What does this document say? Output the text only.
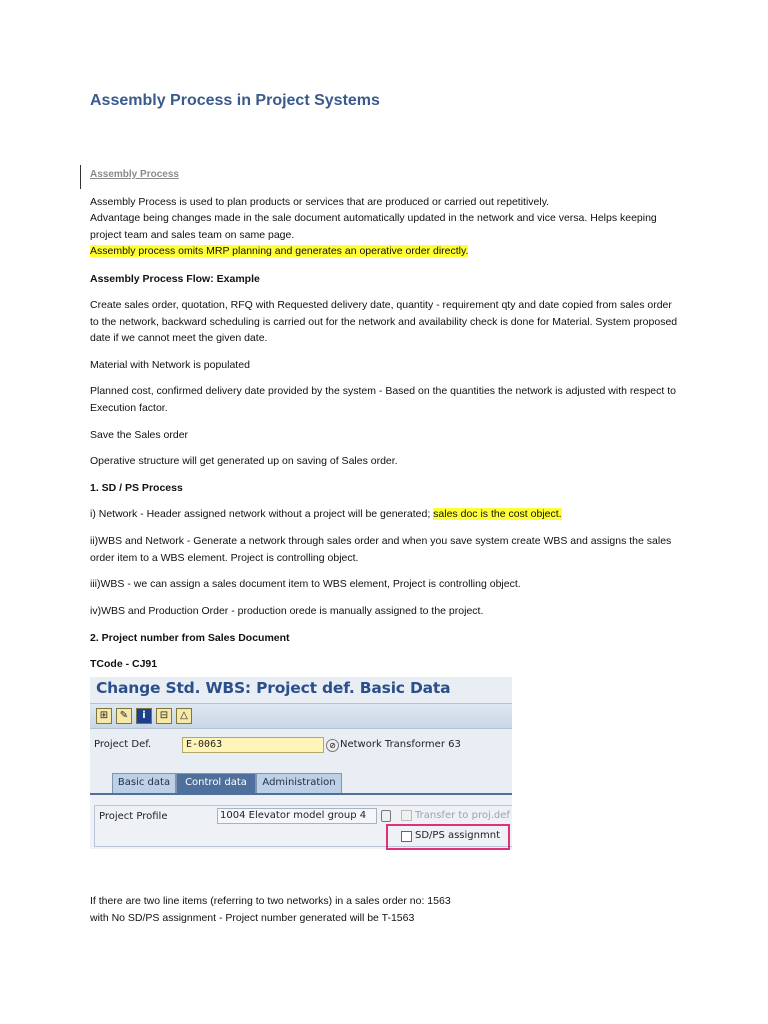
Assembly Process in Project Systems
Assembly Process
Assembly Process is used to plan products or services that are produced or carried out repetitively.
Advantage being changes made in the sale document automatically updated in the network and vice versa. Helps keeping project team and sales team on same page.
Assembly process omits MRP planning and generates an operative order directly.
Assembly Process Flow: Example
Create sales order, quotation, RFQ with Requested delivery date, quantity - requirement qty and date copied from sales order to the network, backward scheduling is carried out for the network and availability check is done for Material. System proposed date if we cannot meet the given date.
Material with Network is populated
Planned cost, confirmed delivery date provided by the system - Based on the quantities the network is adjusted with respect to Execution factor.
Save the Sales order
Operative structure will get generated up on saving of Sales order.
1. SD / PS Process
i) Network - Header assigned network without a project will be generated; sales doc is the cost object.
ii)WBS and Network - Generate a network through sales order and when you save system create WBS and assigns the sales order item to a WBS element. Project is controlling object.
iii)WBS - we can assign a sales document item to WBS element, Project is controlling object.
iv)WBS and Production Order - production orede is manually assigned to the project.
2. Project number from Sales Document
TCode - CJ91
Change Std. WBS: Project def. Basic Data
⊞	✎	i	⊟	△
Project Def.	E-0063	⊘ Network Transformer 63
Basic data	Control data	Administration
Project Profile	1004 Elevator model group 4	Transfer to proj.def
SD/PS assignmnt
If there are two line items (referring to two networks) in a sales order no: 1563
with No SD/PS assignment - Project number generated will be T-1563
